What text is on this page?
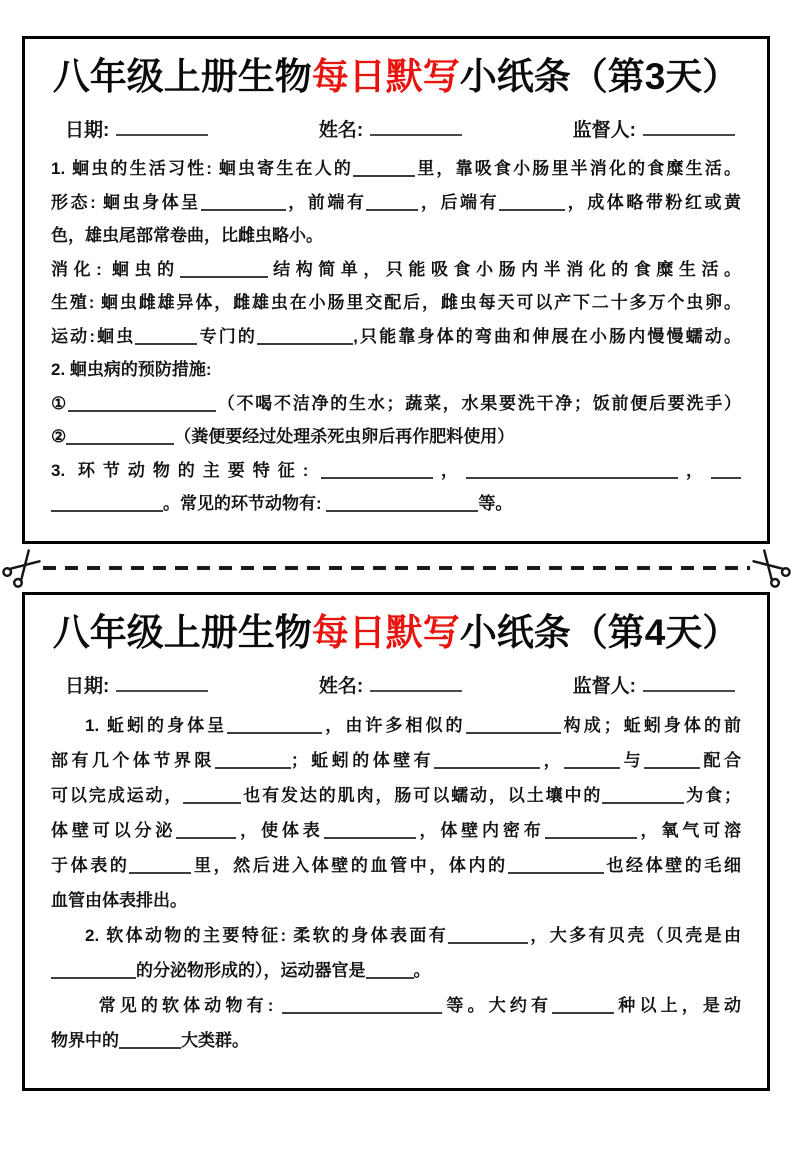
八年级上册生物每日默写小纸条（第3天）
日期:	姓名:	监督人:
1. 蛔虫的生活习性: 蛔虫寄生在人的	里，靠吸食小肠里半消化的食糜生活。
形态: 蛔虫身体呈	，前端有	，后端有	，成体略带粉红或黄
色，雄虫尾部常卷曲，比雌虫略小。
消化: 蛔虫的	结构简单，只能吸食小肠内半消化的食糜生活。
生殖: 蛔虫雌雄异体，雌雄虫在小肠里交配后，雌虫每天可以产下二十多万个虫卵。
运动:蛔虫	专门的	,只能靠身体的弯曲和伸展在小肠内慢慢蠕动。
2. 蛔虫病的预防措施:
①	（不喝不洁净的生水；蔬菜，水果要洗干净；饭前便后要洗手）
②	（粪便要经过处理杀死虫卵后再作肥料使用）
3. 环节动物的主要特征:	，	，
。常见的环节动物有:	等。
八年级上册生物每日默写小纸条（第4天）
日期:	姓名:	监督人:
1. 蚯蚓的身体呈	，由许多相似的	构成；蚯蚓身体的前
部有几个体节界限	；蚯蚓的体壁有	，	与	配合
可以完成运动，	也有发达的肌肉，肠可以蠕动，以土壤中的	为食；
体壁可以分泌	，使体表	，体壁内密布	，氧气可溶
于体表的	里，然后进入体壁的血管中，体内的	也经体壁的毛细
血管由体表排出。
2. 软体动物的主要特征: 柔软的身体表面有	，大多有贝壳（贝壳是由
的分泌物形成的），运动器官是	。
常见的软体动物有:	等。大约有	种以上，是动
物界中的	大类群。
